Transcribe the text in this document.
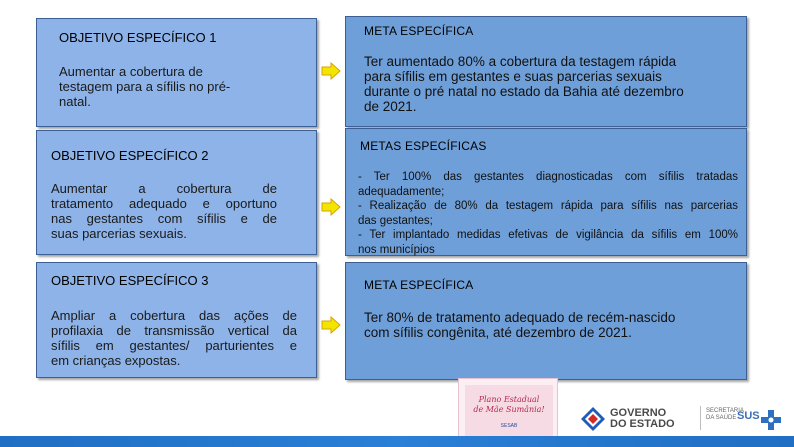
OBJETIVO ESPECÍFICO 1
Aumentar a cobertura de
testagem para a sífilis no pré-
natal.
META ESPECÍFICA
Ter aumentado 80% a cobertura da testagem rápida
para sífilis em gestantes e suas parcerias sexuais
durante o pré natal no estado da Bahia até dezembro
de 2021.
OBJETIVO ESPECÍFICO 2
Aumentar a cobertura de
tratamento adequado e oportuno
nas gestantes com sífilis e de
suas parcerias sexuais.
METAS ESPECÍFICAS
- Ter 100% das gestantes diagnosticadas com sífilis tratadas
adequadamente;
- Realização de 80% da testagem rápida para sífilis nas parcerias
das gestantes;
- Ter implantado medidas efetivas de vigilância da sífilis em 100%
nos municípios
OBJETIVO ESPECÍFICO 3
Ampliar a cobertura das ações de
profilaxia de transmissão vertical da
sífilis em gestantes/ parturientes e
em crianças expostas.
META ESPECÍFICA
Ter 80% de tratamento adequado de recém-nascido
com sífilis congênita, até dezembro de 2021.
Plano Estadual
de Mãe Sumânia!
SESAB
GOVERNO
DO ESTADO
SECRETARIA
DA SAÚDE SUS
